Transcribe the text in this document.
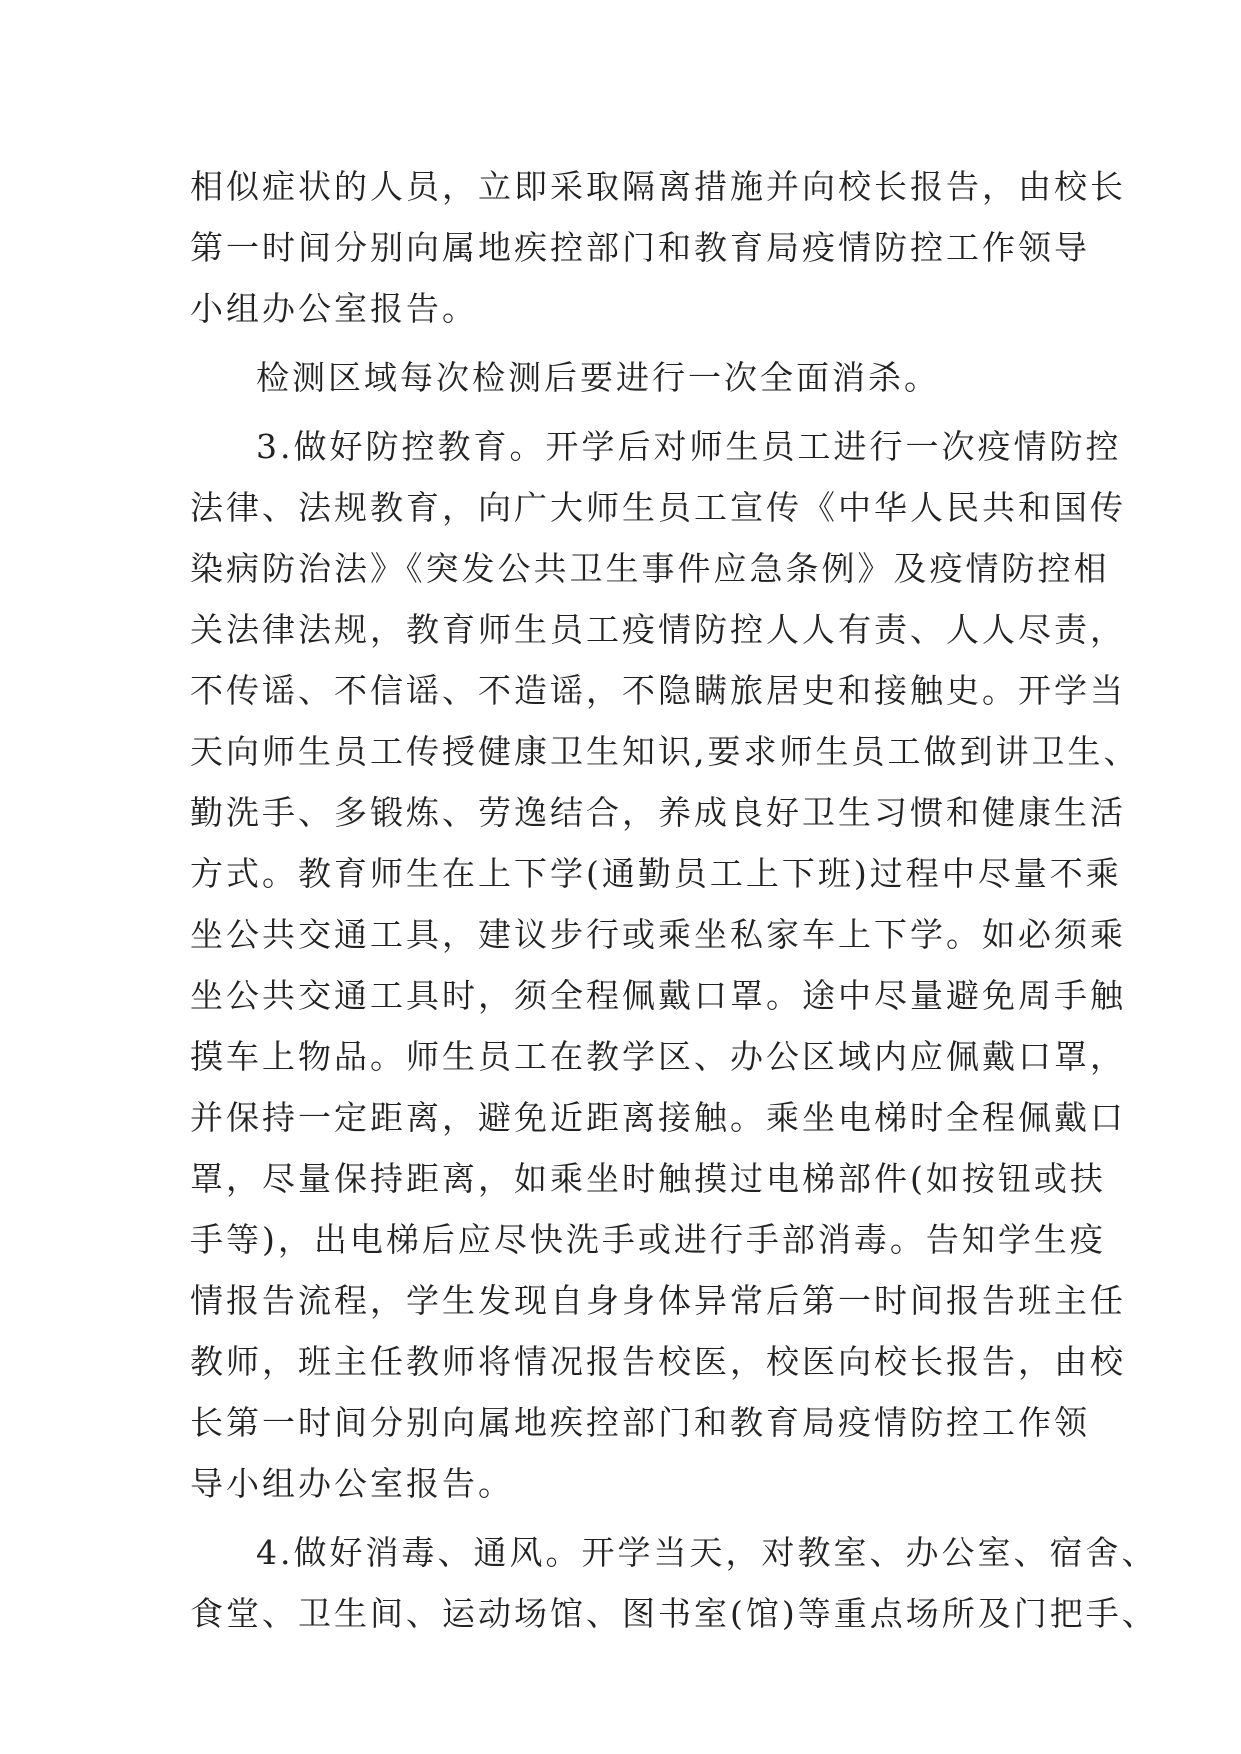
相似症状的人员，立即采取隔离措施并向校长报告，由校长
第一时间分别向属地疾控部门和教育局疫情防控工作领导
小组办公室报告。
检测区域每次检测后要进行一次全面消杀。
3.做好防控教育。开学后对师生员工进行一次疫情防控
法律、法规教育，向广大师生员工宣传《中华人民共和国传
染病防治法》《突发公共卫生事件应急条例》及疫情防控相
关法律法规，教育师生员工疫情防控人人有责、人人尽责，
不传谣、不信谣、不造谣，不隐瞒旅居史和接触史。开学当
天向师生员工传授健康卫生知识,要求师生员工做到讲卫生、
勤洗手、多锻炼、劳逸结合，养成良好卫生习惯和健康生活
方式。教育师生在上下学(通勤员工上下班)过程中尽量不乘
坐公共交通工具，建议步行或乘坐私家车上下学。如必须乘
坐公共交通工具时，须全程佩戴口罩。途中尽量避免周手触
摸车上物品。师生员工在教学区、办公区域内应佩戴口罩，
并保持一定距离，避免近距离接触。乘坐电梯时全程佩戴口
罩，尽量保持距离，如乘坐时触摸过电梯部件(如按钮或扶
手等)，出电梯后应尽快洗手或进行手部消毒。告知学生疫
情报告流程，学生发现自身身体异常后第一时间报告班主任
教师，班主任教师将情况报告校医，校医向校长报告，由校
长第一时间分别向属地疾控部门和教育局疫情防控工作领
导小组办公室报告。
4.做好消毒、通风。开学当天，对教室、办公室、宿舍、
食堂、卫生间、运动场馆、图书室(馆)等重点场所及门把手、
